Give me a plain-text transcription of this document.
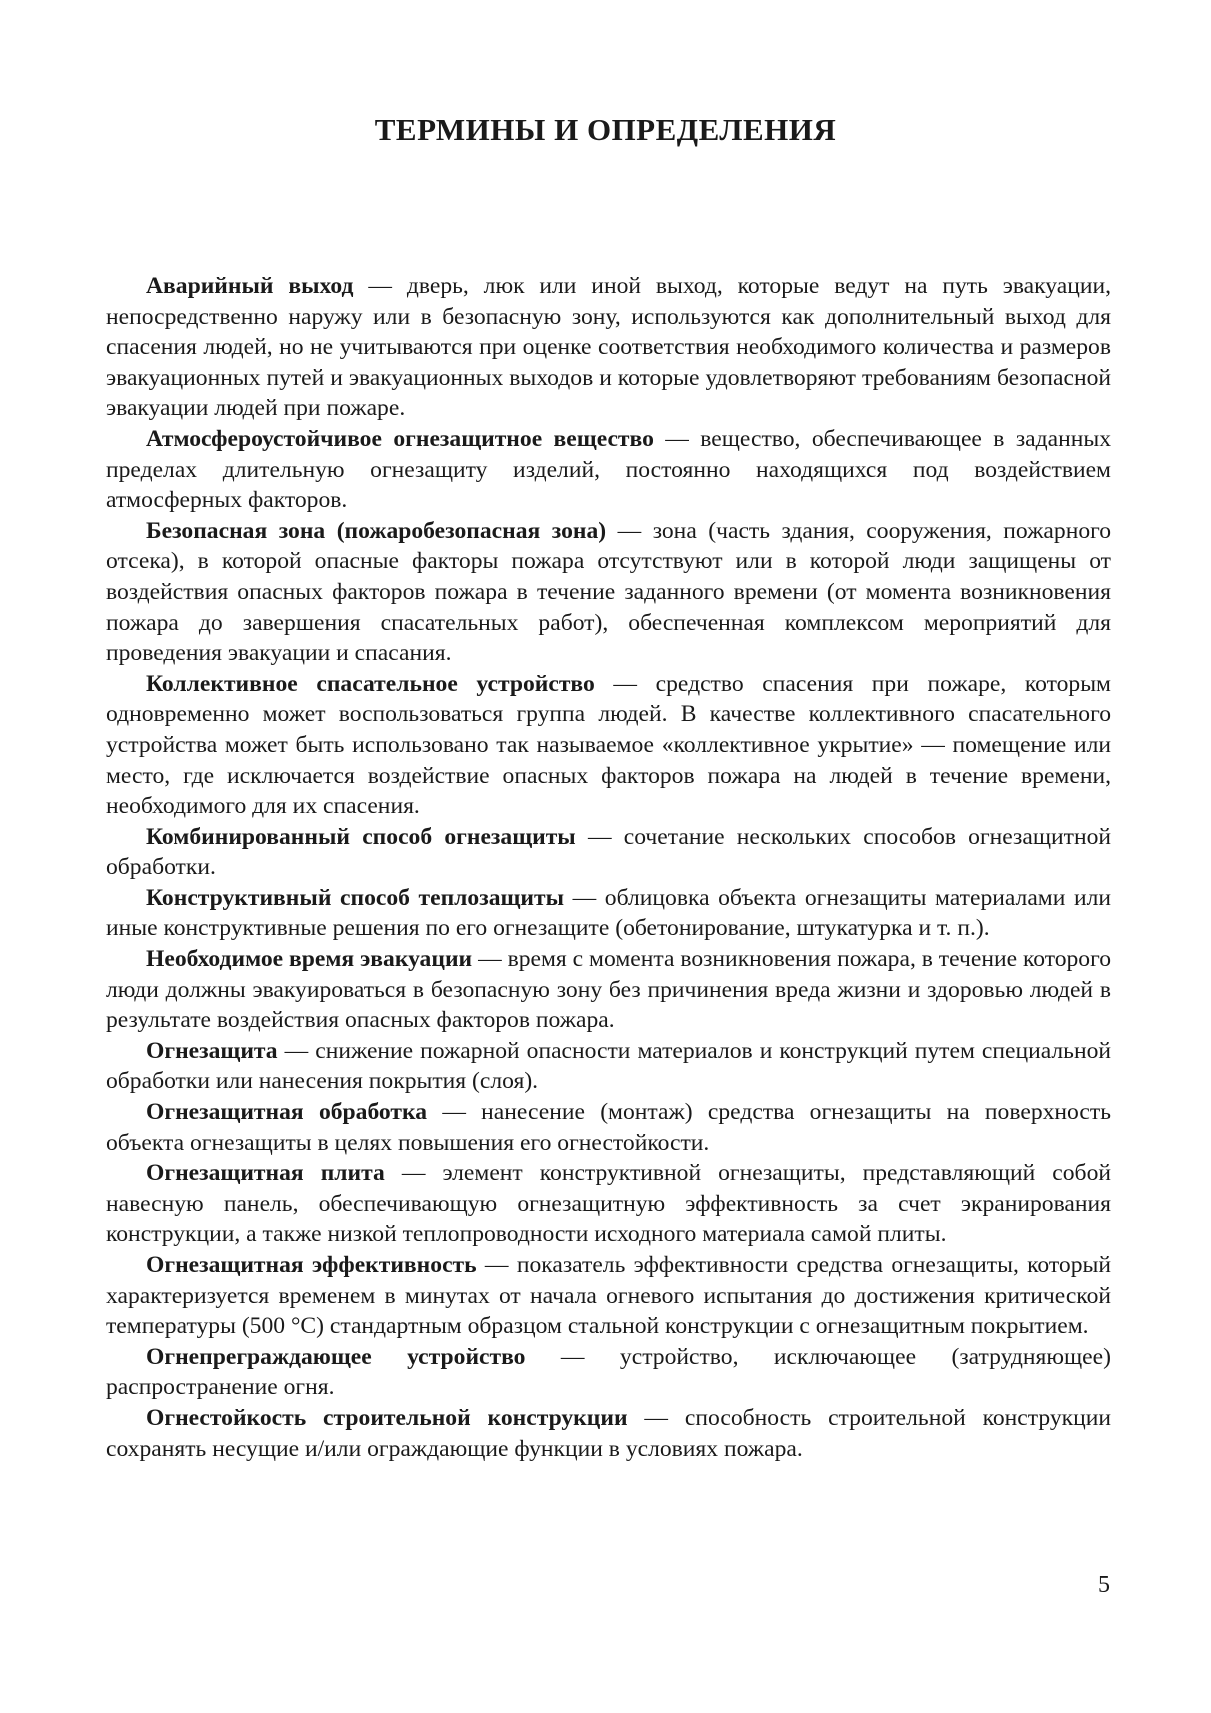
ТЕРМИНЫ И ОПРЕДЕЛЕНИЯ

Аварийный выход — дверь, люк или иной выход, которые ведут на путь эвакуации, непосредственно наружу или в безопасную зону, используются как дополнительный выход для спасения людей, но не учитываются при оценке соответствия необходимого количества и размеров эвакуационных путей и эвакуационных выходов и которые удовлетворяют требованиям безопасной эвакуации людей при пожаре.

Атмосфероустойчивое огнезащитное вещество — вещество, обеспечивающее в заданных пределах длительную огнезащиту изделий, постоянно находящихся под воздействием атмосферных факторов.

Безопасная зона (пожаробезопасная зона) — зона (часть здания, сооружения, пожарного отсека), в которой опасные факторы пожара отсутствуют или в которой люди защищены от воздействия опасных факторов пожара в течение заданного времени (от момента возникновения пожара до завершения спасательных работ), обеспеченная комплексом мероприятий для проведения эвакуации и спасания.

Коллективное спасательное устройство — средство спасения при пожаре, которым одновременно может воспользоваться группа людей. В качестве коллективного спасательного устройства может быть использовано так называемое «коллективное укрытие» — помещение или место, где исключается воздействие опасных факторов пожара на людей в течение времени, необходимого для их спасения.

Комбинированный способ огнезащиты — сочетание нескольких способов огнезащитной обработки.

Конструктивный способ теплозащиты — облицовка объекта огнезащиты материалами или иные конструктивные решения по его огнезащите (обетонирование, штукатурка и т. п.).

Необходимое время эвакуации — время с момента возникновения пожара, в течение которого люди должны эвакуироваться в безопасную зону без причинения вреда жизни и здоровью людей в результате воздействия опасных факторов пожара.

Огнезащита — снижение пожарной опасности материалов и конструкций путем специальной обработки или нанесения покрытия (слоя).

Огнезащитная обработка — нанесение (монтаж) средства огнезащиты на поверхность объекта огнезащиты в целях повышения его огнестойкости.

Огнезащитная плита — элемент конструктивной огнезащиты, представляющий собой навесную панель, обеспечивающую огнезащитную эффективность за счет экранирования конструкции, а также низкой теплопроводности исходного материала самой плиты.

Огнезащитная эффективность — показатель эффективности средства огнезащиты, который характеризуется временем в минутах от начала огневого испытания до достижения критической температуры (500 °С) стандартным образцом стальной конструкции с огнезащитным покрытием.

Огнепреграждающее устройство — устройство, исключающее (затрудняющее) распространение огня.

Огнестойкость строительной конструкции — способность строительной конструкции сохранять несущие и/или ограждающие функции в условиях пожара.

5
